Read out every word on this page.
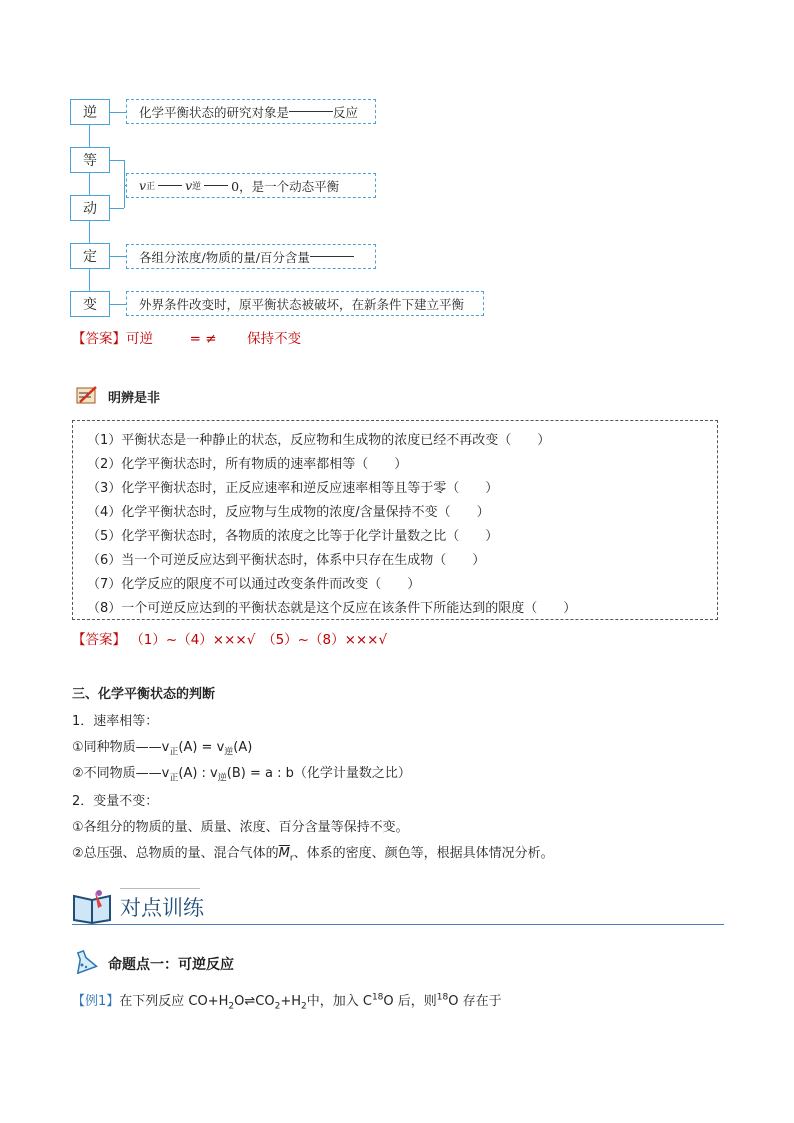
逆
等
动
定
变
化学平衡状态的研究对象是	反应
v 正 v 逆 0，是一个动态平衡
各组分浓度/物质的量/百分含量
外界条件改变时，原平衡状态被破坏，在新条件下建立平衡
【答案】可逆	= ≠ 保持不变
明辨是非
（1）平衡状态是一种静止的状态，反应物和生成物的浓度已经不再改变（　　）
（2）化学平衡状态时，所有物质的速率都相等（　　）
（3）化学平衡状态时，正反应速率和逆反应速率相等且等于零（　　）
（4）化学平衡状态时，反应物与生成物的浓度/含量保持不变（　　）
（5）化学平衡状态时，各物质的浓度之比等于化学计量数之比（　　）
（6）当一个可逆反应达到平衡状态时，体系中只存在生成物（　　）
（7）化学反应的限度不可以通过改变条件而改变（　　）
（8）一个可逆反应达到的平衡状态就是这个反应在该条件下所能达到的限度（　　）
【答案】 （1）~（4）×××√　（5）~（8）×××√
三、化学平衡状态的判断
1．速率相等：
①同种物质$——v_正(A) = v_逆(A)$
②不同物质$——v_正(A)$ : $v_逆(B) = a$ : b（化学计量数之比）
2．变量不变：
①各组分的物质的量、质量、浓度、百分含量等保持不变。
②总压强、总物质的量、混合气体的$\overline{M}_r$、体系的密度、颜色等，根据具体情况分析。
对点训练
命题点一：可逆反应
【例1】在下列反应 $CO+H_2O\rightleftharpoons CO_2+H_2$中，加入 $C^{18}O$ 后，则$^{18}$O 存在于
